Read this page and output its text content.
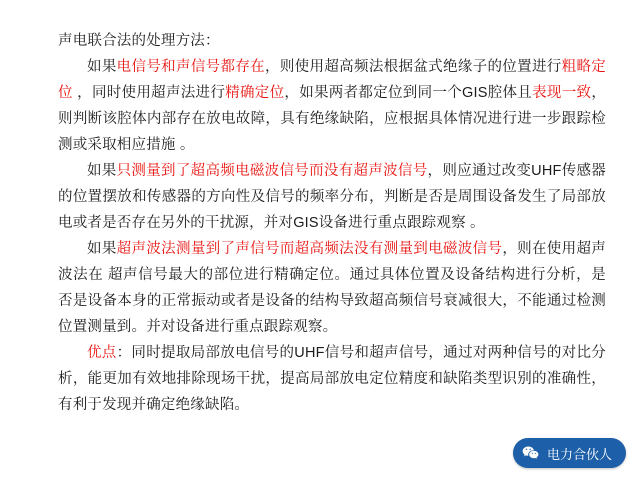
声电联合法的处理方法：

如果电信号和声信号都存在，则使用超高频法根据盆式绝缘子的位置进行粗略定位 ，同时使用超声法进行精确定位，如果两者都定位到同一个GIS腔体且表现一致，则判断该腔体内部存在放电故障，具有绝缘缺陷，应根据具体情况进行进一步跟踪检测或采取相应措施 。

如果只测量到了超高频电磁波信号而没有超声波信号，则应通过改变UHF传感器的位置摆放和传感器的方向性及信号的频率分布，判断是否是周围设备发生了局部放电或者是否存在另外的干扰源，并对GIS设备进行重点跟踪观察 。

如果超声波法测量到了声信号而超高频法没有测量到电磁波信号，则在使用超声波法在 超声信号最大的部位进行精确定位。通过具体位置及设备结构进行分析，是否是设备本身的正常振动或者是设备的结构导致超高频信号衰减很大，不能通过检测位置测量到。并对设备进行重点跟踪观察。

优点：同时提取局部放电信号的UHF信号和超声信号，通过对两种信号的对比分析，能更加有效地排除现场干扰，提高局部放电定位精度和缺陷类型识别的准确性，有利于发现并确定绝缘缺陷。

电力合伙人
